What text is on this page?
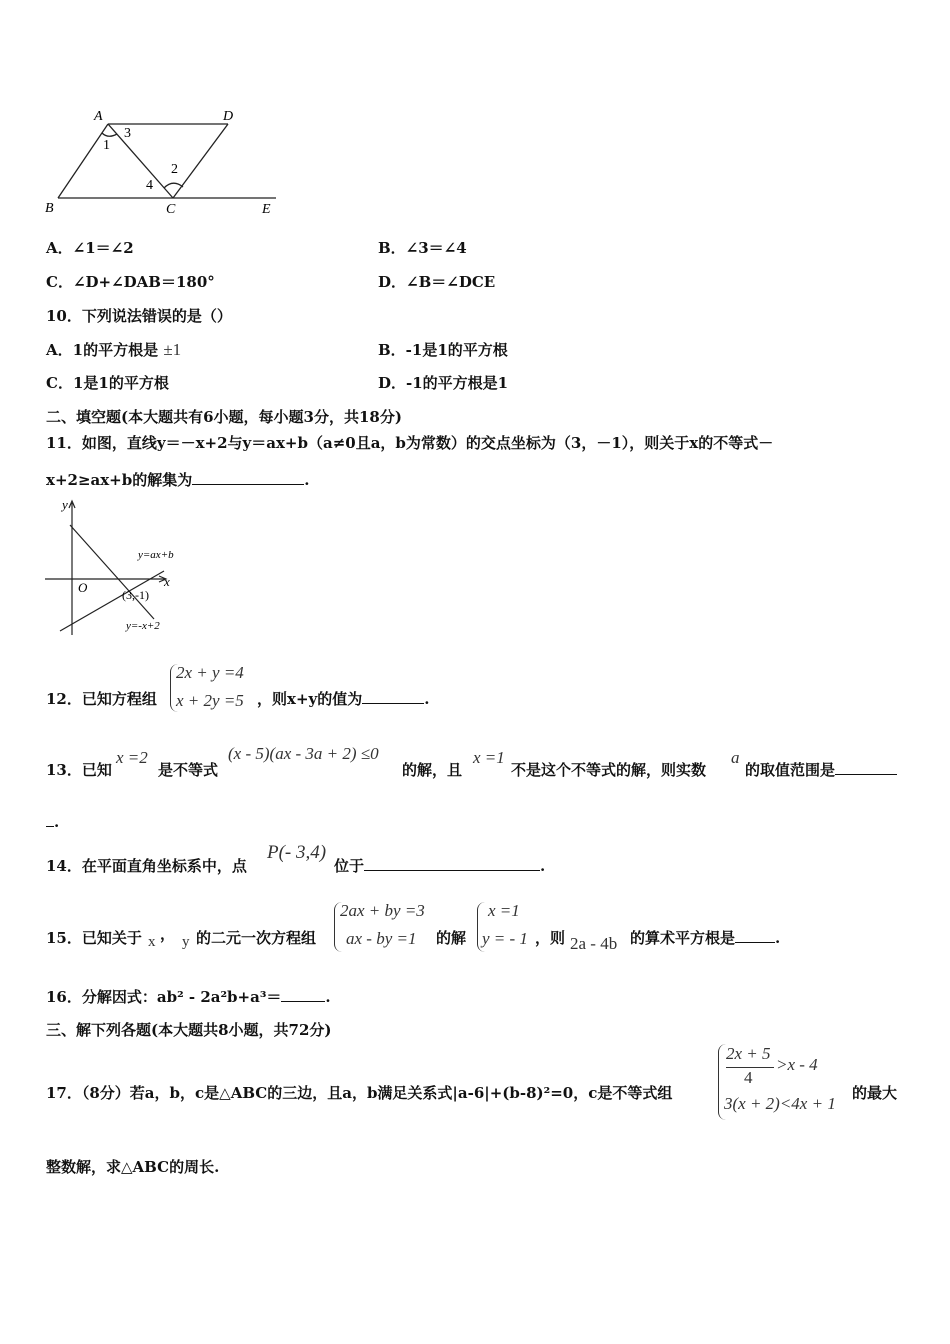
A	D
B	C	E
1
2
3
4
A．∠1＝∠2	B．∠3＝∠4
C．∠D+∠DAB＝180°	D．∠B＝∠DCE
10．下列说法错误的是（）
A．1的平方根是 ±1	B．-1是1的平方根
C．1是1的平方根	D．-1的平方根是1
二、填空题(本大题共有6小题，每小题3分，共18分)
11．如图，直线y＝－x+2与y＝ax+b（a≠0且a，b为常数）的交点坐标为（3，－1），则关于x的不等式－
x+2≥ax+b的解集为	.
y
x
O	(3,-1)
y=ax+b
y=-x+2
12．已知方程组
2x + y =4
x + 2y =5 ，则x+y的值为	.
13．已知
x =2
是不等式
(x - 5)(ax - 3a + 2) ≤0
的解，且
x =1
不是这个不等式的解，则实数
a
的取值范围是
.
14．在平面直角坐标系中，点
P(- 3,4)
位于	.
15．已知关于 x ， y 的二元一次方程组
2ax + by =3
ax - by =1 的解
x =1
y = - 1 ，则 2a - 4b 的算术平方根是	.
16．分解因式：ab² - 2a²b+a³＝	.
三、解下列各题(本大题共8小题，共72分)
17．（8分）若a，b，c是△ABC的三边，且a，b满足关系式|a-6|+(b-8)²=0，c是不等式组
2x + 5
4
>x - 4
3(x + 2)<4x + 1
的最大
整数解，求△ABC的周长.
